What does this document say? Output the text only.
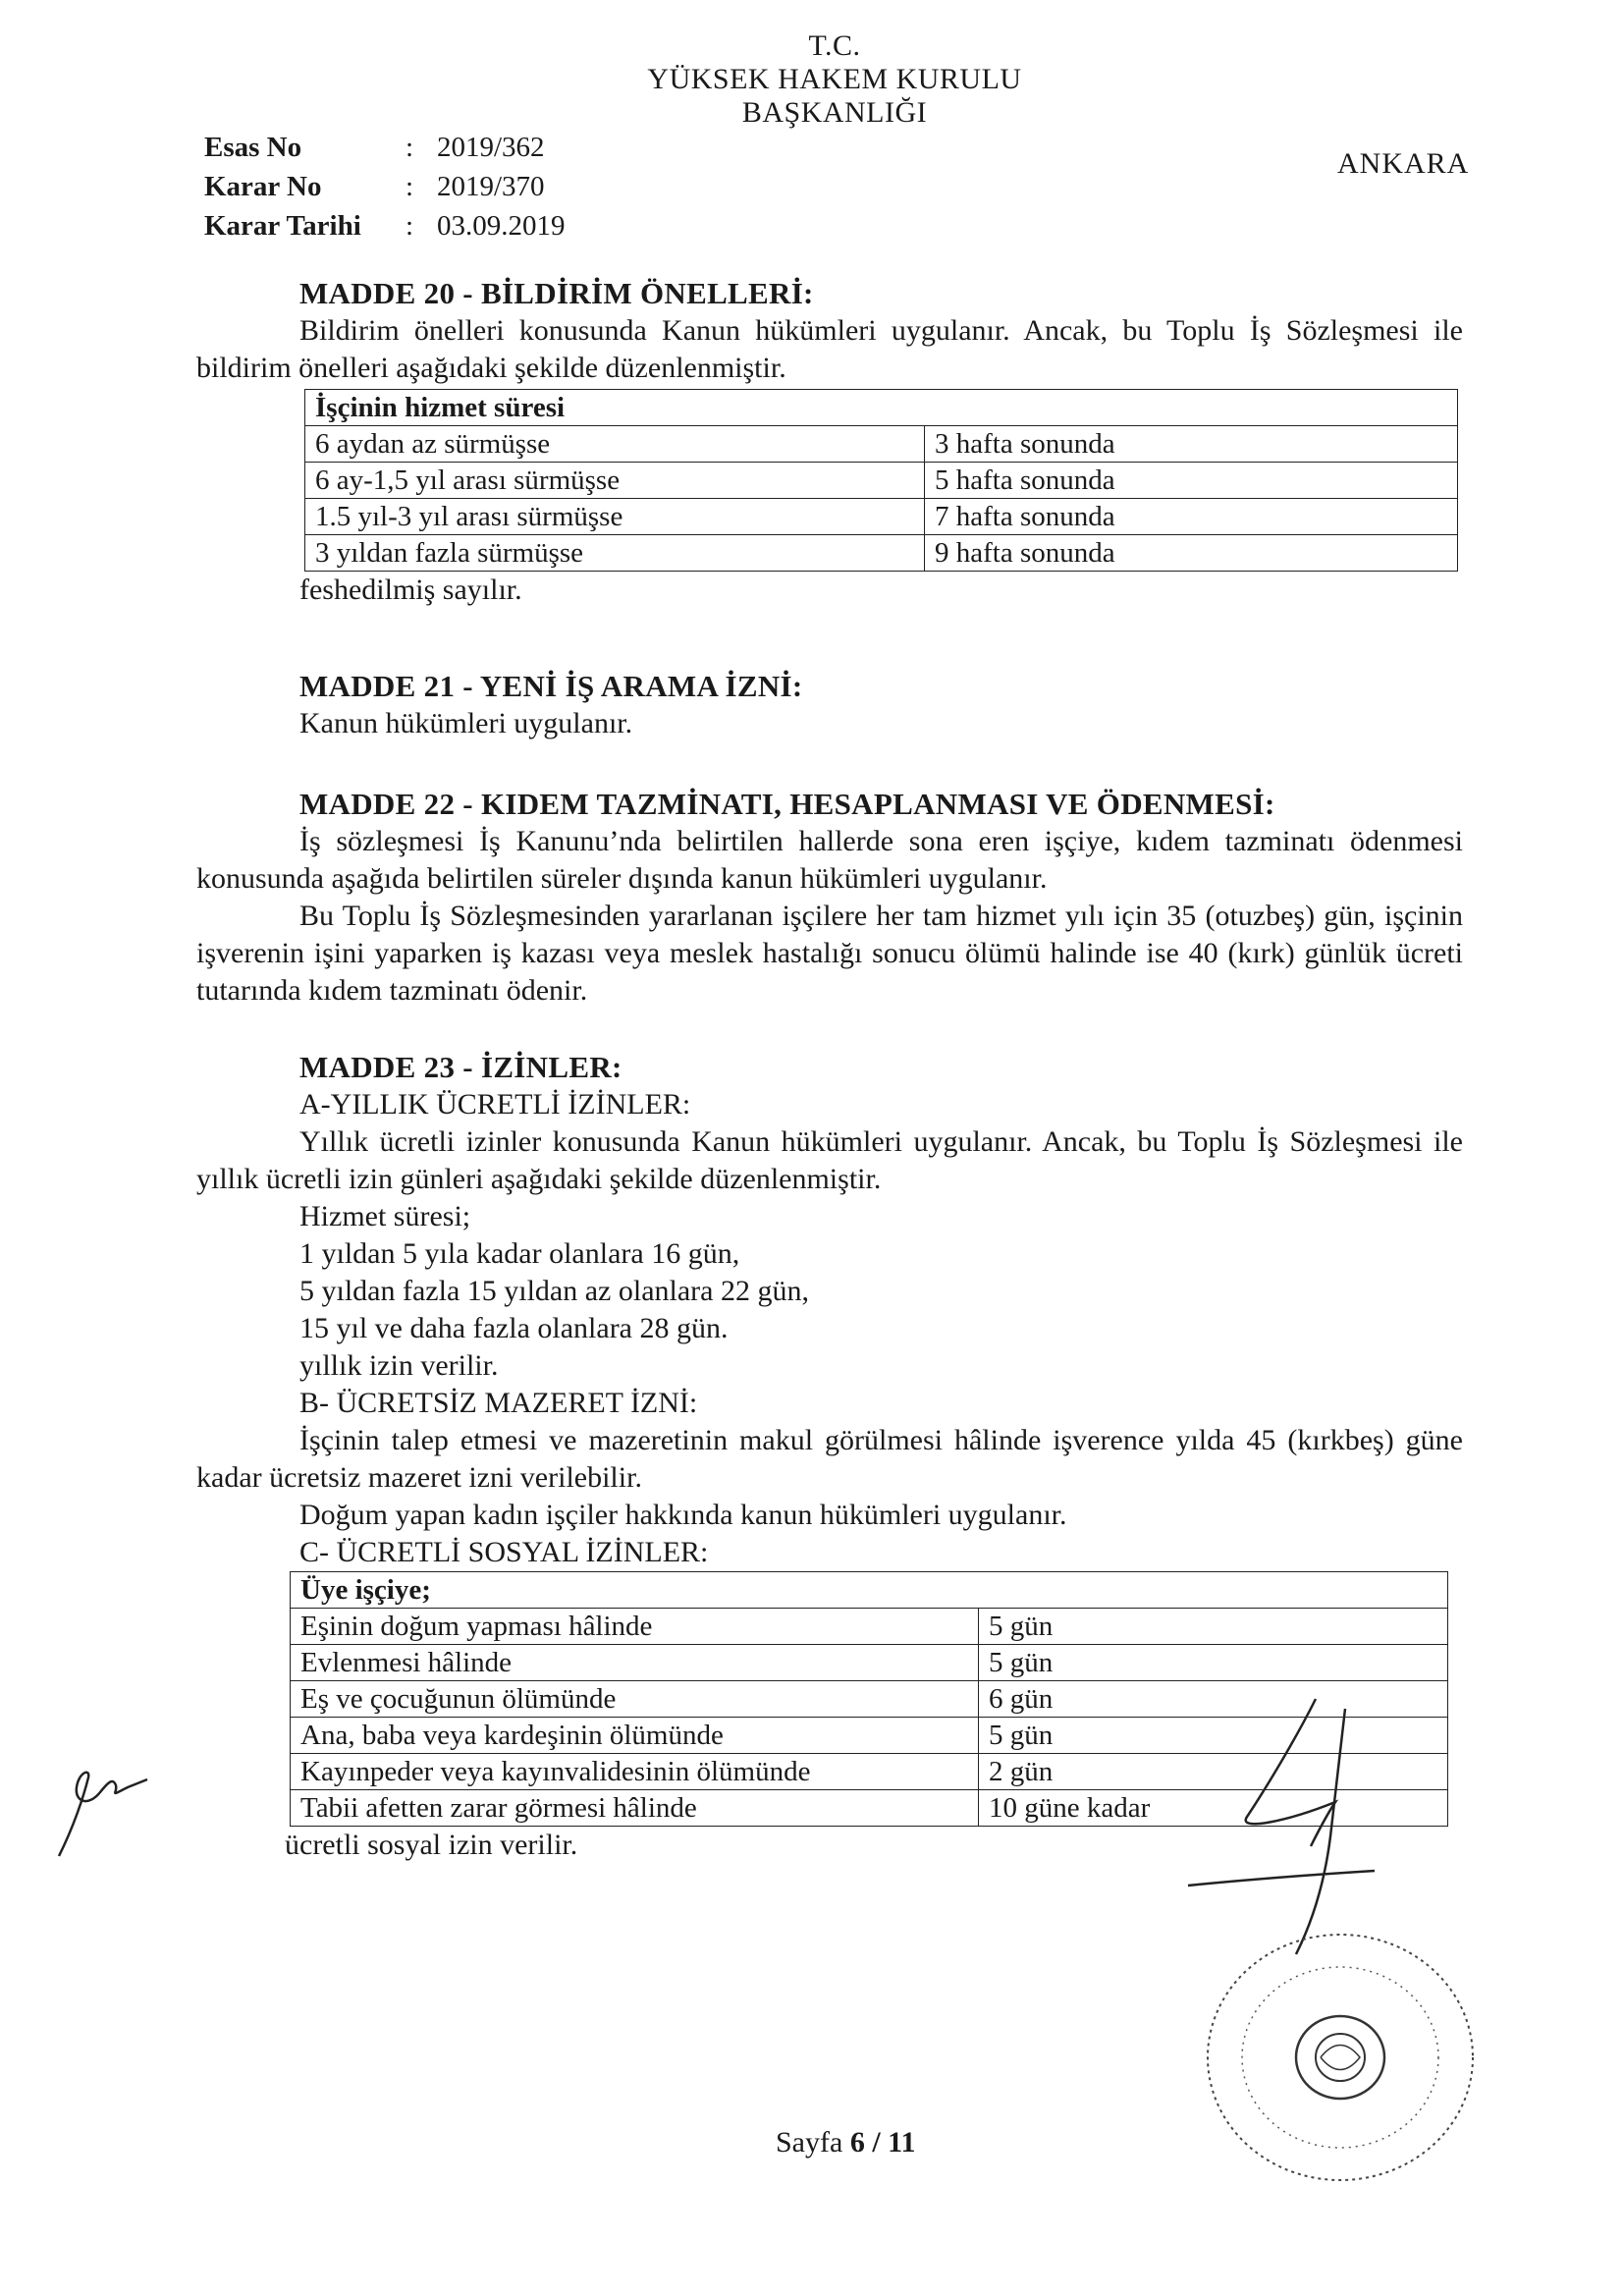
T.C.
YÜKSEK HAKEM KURULU
BAŞKANLIĞI
ANKARA
Esas No	: 2019/362
Karar No	: 2019/370
Karar Tarihi	: 03.09.2019
MADDE 20 - BİLDİRİM ÖNELLERİ:
Bildirim önelleri konusunda Kanun hükümleri uygulanır. Ancak, bu Toplu İş Sözleşmesi ile bildirim önelleri aşağıdaki şekilde düzenlenmiştir.
İşçinin hizmet süresi	
6 aydan az sürmüşse	3 hafta sonunda
6 ay-1,5 yıl arası sürmüşse	5 hafta sonunda
1.5 yıl-3 yıl arası sürmüşse	7 hafta sonunda
3 yıldan fazla sürmüşse	9 hafta sonunda
feshedilmiş sayılır.
MADDE 21 - YENİ İŞ ARAMA İZNİ:
Kanun hükümleri uygulanır.
MADDE 22 - KIDEM TAZMİNATI, HESAPLANMASI VE ÖDENMESİ:
İş sözleşmesi İş Kanunu’nda belirtilen hallerde sona eren işçiye, kıdem tazminatı ödenmesi konusunda aşağıda belirtilen süreler dışında kanun hükümleri uygulanır.
Bu Toplu İş Sözleşmesinden yararlanan işçilere her tam hizmet yılı için 35 (otuzbeş) gün, işçinin işverenin işini yaparken iş kazası veya meslek hastalığı sonucu ölümü halinde ise 40 (kırk) günlük ücreti tutarında kıdem tazminatı ödenir.
MADDE 23 - İZİNLER:
A-YILLIK ÜCRETLİ İZİNLER:
Yıllık ücretli izinler konusunda Kanun hükümleri uygulanır. Ancak, bu Toplu İş Sözleşmesi ile yıllık ücretli izin günleri aşağıdaki şekilde düzenlenmiştir.
Hizmet süresi;
1 yıldan 5 yıla kadar olanlara 16 gün,
5 yıldan fazla 15 yıldan az olanlara 22 gün,
15 yıl ve daha fazla olanlara 28 gün.
yıllık izin verilir.
B- ÜCRETSİZ MAZERET İZNİ:
İşçinin talep etmesi ve mazeretinin makul görülmesi hâlinde işverence yılda 45 (kırkbeş) güne kadar ücretsiz mazeret izni verilebilir.
Doğum yapan kadın işçiler hakkında kanun hükümleri uygulanır.
C- ÜCRETLİ SOSYAL İZİNLER:
Üye işçiye;	
Eşinin doğum yapması hâlinde	5 gün
Evlenmesi hâlinde	5 gün
Eş ve çocuğunun ölümünde	6 gün
Ana, baba veya kardeşinin ölümünde	5 gün
Kayınpeder veya kayınvalidesinin ölümünde	2 gün
Tabii afetten zarar görmesi hâlinde	10 güne kadar
ücretli sosyal izin verilir.
Sayfa 6 / 11
